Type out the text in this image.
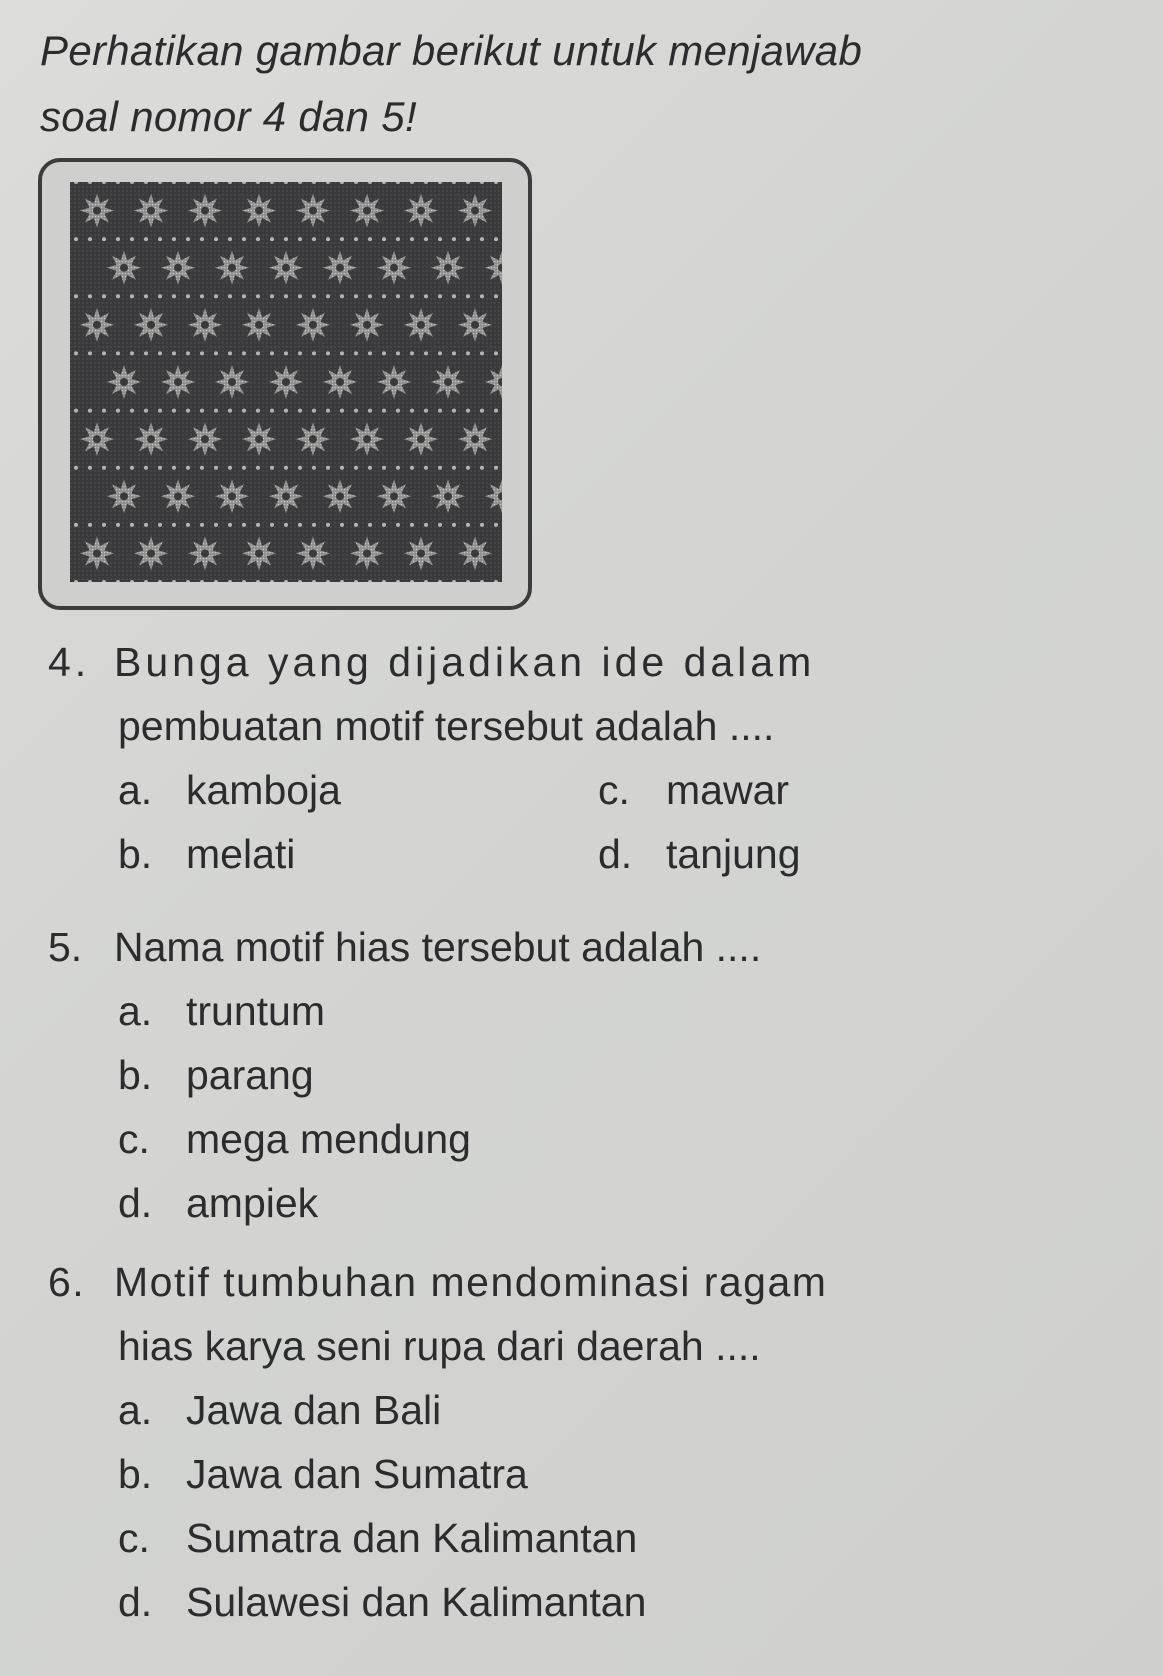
Perhatikan gambar berikut untuk menjawab
soal nomor 4 dan 5!
4. Bunga yang dijadikan ide dalam
pembuatan motif tersebut adalah ....
a. kamboja	c. mawar
b. melati	d. tanjung
5. Nama motif hias tersebut adalah ....
a. truntum
b. parang
c. mega mendung
d. ampiek
6. Motif tumbuhan mendominasi ragam
hias karya seni rupa dari daerah ....
a. Jawa dan Bali
b. Jawa dan Sumatra
c. Sumatra dan Kalimantan
d. Sulawesi dan Kalimantan
